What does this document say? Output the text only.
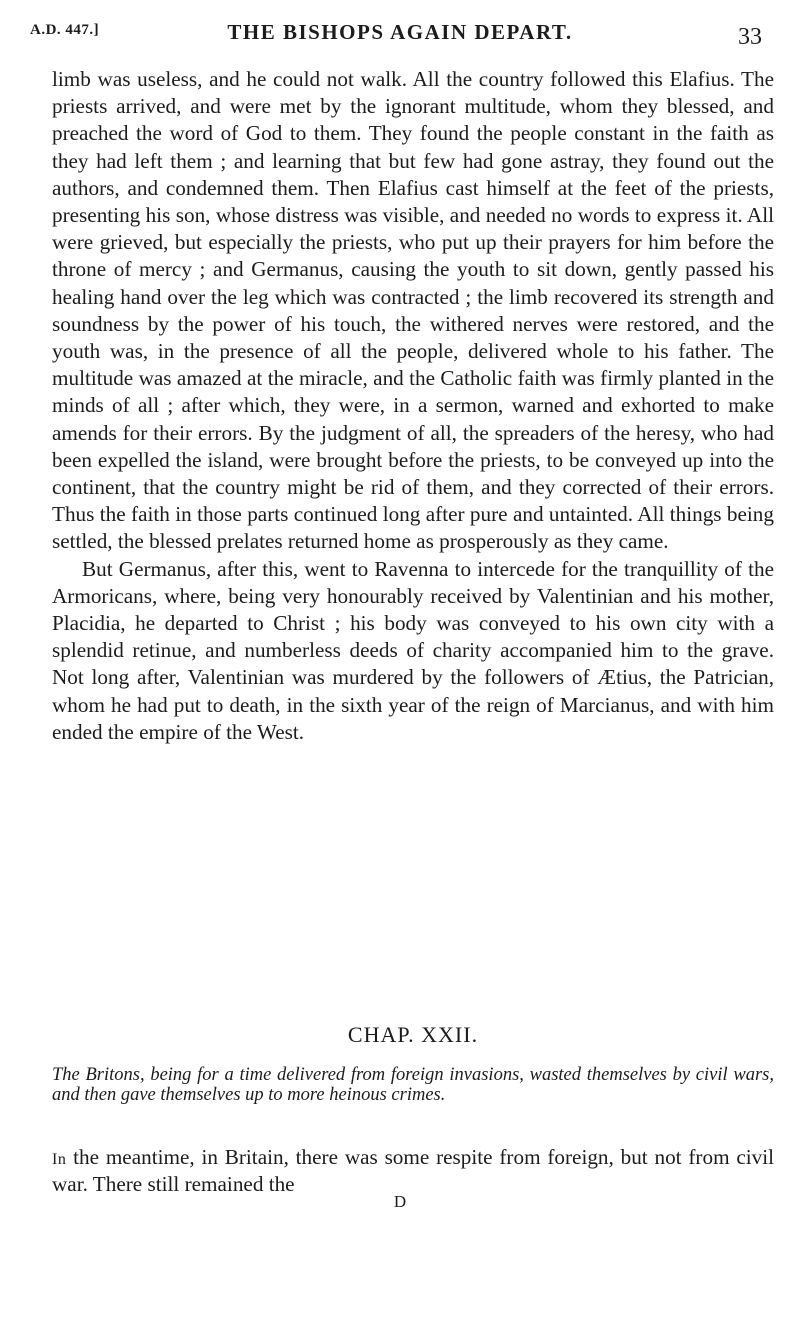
A.D. 447.]	THE BISHOPS AGAIN DEPART.	33

limb was useless, and he could not walk. All the country followed this Elafius. The priests arrived, and were met by the ignorant multitude, whom they blessed, and preached the word of God to them. They found the people constant in the faith as they had left them ; and learning that but few had gone astray, they found out the authors, and condemned them. Then Elafius cast himself at the feet of the priests, presenting his son, whose distress was visible, and needed no words to express it. All were grieved, but especially the priests, who put up their prayers for him before the throne of mercy ; and Germanus, causing the youth to sit down, gently passed his healing hand over the leg which was contracted ; the limb recovered its strength and soundness by the power of his touch, the withered nerves were restored, and the youth was, in the presence of all the people, delivered whole to his father. The multitude was amazed at the miracle, and the Catholic faith was firmly planted in the minds of all ; after which, they were, in a sermon, warned and exhorted to make amends for their errors. By the judgment of all, the spreaders of the heresy, who had been expelled the island, were brought before the priests, to be conveyed up into the continent, that the country might be rid of them, and they corrected of their errors. Thus the faith in those parts continued long after pure and untainted. All things being settled, the blessed prelates returned home as prosperously as they came.

But Germanus, after this, went to Ravenna to intercede for the tranquillity of the Armoricans, where, being very honourably received by Valentinian and his mother, Placidia, he departed to Christ ; his body was conveyed to his own city with a splendid retinue, and numberless deeds of charity accompanied him to the grave. Not long after, Valentinian was murdered by the followers of Ætius, the Patrician, whom he had put to death, in the sixth year of the reign of Marcianus, and with him ended the empire of the West.

CHAP. XXII.
The Britons, being for a time delivered from foreign invasions, wasted themselves by civil wars, and then gave themselves up to more heinous crimes.
In the meantime, in Britain, there was some respite from foreign, but not from civil war. There still remained the
D
